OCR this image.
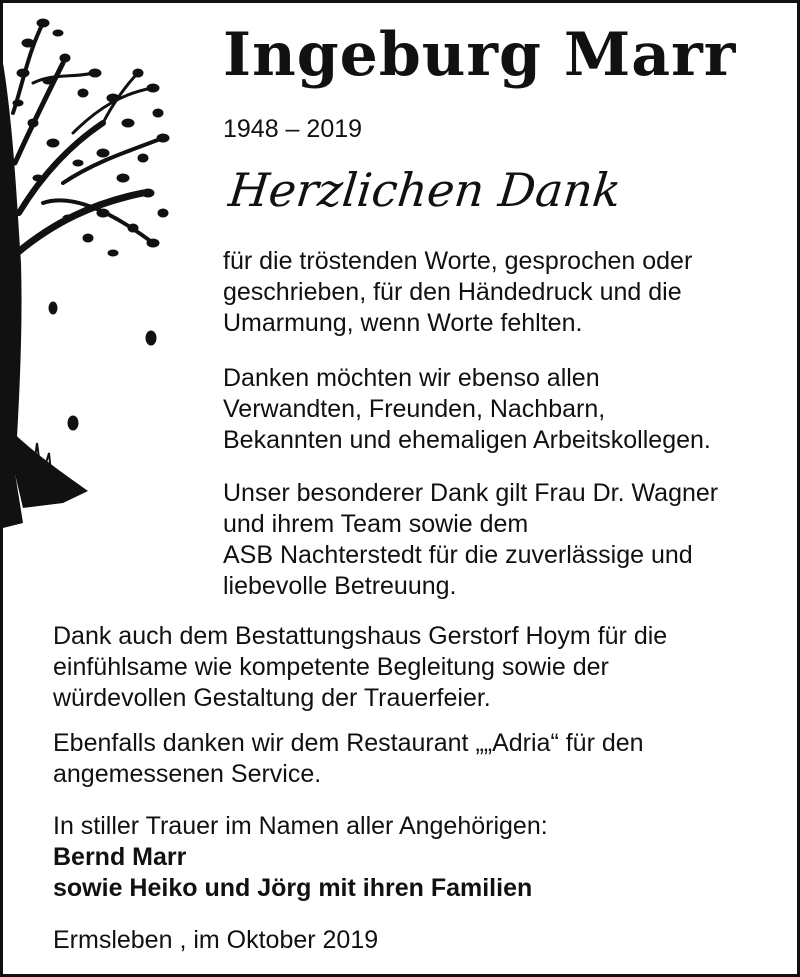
Ingeburg Marr
1948 – 2019
Herzlichen Dank

für die tröstenden Worte, gesprochen oder
geschrieben, für den Händedruck und die
Umarmung, wenn Worte fehlten.

Danken möchten wir ebenso allen
Verwandten, Freunden, Nachbarn,
Bekannten und ehemaligen Arbeitskollegen.

Unser besonderer Dank gilt Frau Dr. Wagner
und ihrem Team sowie dem
ASB Nachterstedt für die zuverlässige und
liebevolle Betreuung.

Dank auch dem Bestattungshaus Gerstorf Hoym für die
einfühlsame wie kompetente Begleitung sowie der
würdevollen Gestaltung der Trauerfeier.

Ebenfalls danken wir dem Restaurant „„Adria“ für den
angemessenen Service.

In stiller Trauer im Namen aller Angehörigen:
Bernd Marr
sowie Heiko und Jörg mit ihren Familien

Ermsleben , im Oktober 2019
